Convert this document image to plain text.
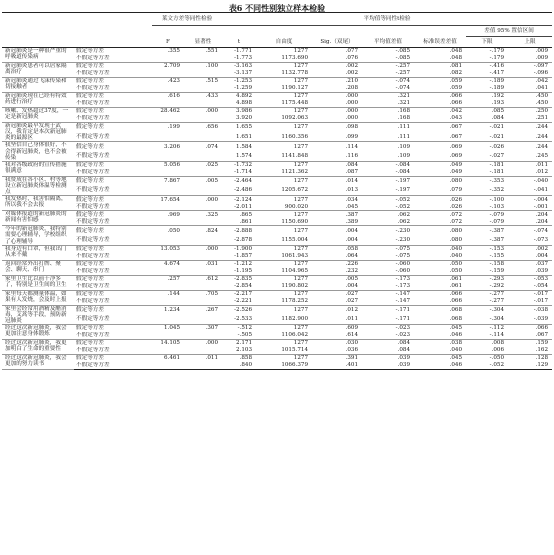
表6 不同性别独立样本检验
		莱文方差等同性检验		平均值等同性t检验						
									差值 95% 置信区间	
		F	显著性	t	自由度	Sig.（双尾）	平均值差值	标准误差差值	下限	上限
新冠肺炎是一种很严重的呼吸道传染病	假定等方差	.355	.551	-1.771	1277	.077	-.085	.048	-.179	.009
	不假定等方差			-1.773	1173.690	.076	-.085	.048	-.179	.009
新冠肺炎患者可以居家隔离治疗	假定等方差	2.709	.100	-3.163	1277	.002	-.257	.081	-.416	-.097
	不假定等方差			-3.137	1132.778	.002	-.257	.082	-.417	-.096
新冠肺炎通过飞沫传染和切接触者	假定等方差	.423	.515	-1.253	1277	.210	-.074	.059	-.189	.042
	不假定等方差			-1.259	1190.127	.208	-.074	.059	-.189	.041
新冠肺炎现在已经有特效药进行治疗	假定等方差	.616	.433	4.892	1277	.000	.321	.066	.192	.450
	不假定等方差			4.898	1175.448	.000	.321	.066	.193	.450
咳嗽、发热超过37度，一定是新冠肺炎	假定等方差	28.462	.000	3.986	1277	.000	.168	.042	.085	.250
	不假定等方差			3.920	1092.063	.000	.168	.043	.084	.251
新冠肺炎最早发现于武汉，我肯定是本次新冠肺炎的最源区	假定等方差	.199	.656	1.655	1277	.098	.111	.067	-.021	.244
	不假定等方差			1.651	1160.356	.099	.111	.067	-.021	.244
我坚信自己身体很好，不会得新冠肺炎，也不会被传染	假定等方差	3.206	.074	1.584	1277	.114	.109	.069	-.026	.244
	不假定等方差			1.574	1141.848	.116	.109	.069	-.027	.245
我对各级政府的宣传措施很满意	假定等方差	5.056	.025	-1.732	1277	.084	-.084	.049	-.181	.011
	不假定等方差			-1.714	1121.362	.087	-.084	.049	-.181	.012
我赞成在各小区、村等地设立新冠肺炎体温等检测点	假定等方差	7.867	.005	-2.464	1277	.014	-.197	.080	-.353	-.040
	不假定等方差			-2.486	1205.672	.013	-.197	.079	-.352	-.041
我发热时，我害怕隔离，所以我不会去报	假定等方差	17.654	.000	-2.124	1277	.034	-.052	.026	-.100	-.004
	不假定等方差			-2.011	900.020	.045	-.052	.026	-.103	-.001
对媒体报道的新冠肺炎的新闻有害怕感	假定等方差	.969	.325	.865	1277	.387	.062	.072	-.079	.204
	不假定等方差			.861	1150.690	.389	.062	.072	-.079	.204
今年的新冠肺炎，我特别需要心理辅导，学校组织了心理辅导	假定等方差	.050	.824	-2.888	1277	.004	-.230	.080	-.387	-.074
	不假定等方差			-2.878	1155.004	.004	-.230	.080	-.387	-.073
我身边有口罩，但我出门从来不戴	假定等方差	13.053	.000	-1.900	1277	.058	-.075	.040	-.153	.002
	不假定等方差			-1.857	1061.943	.064	-.075	.040	-.155	.004
返回经常外出打牌、聚会、聊天、串门	假定等方差	4.674	.031	-1.212	1277	.226	-.060	.050	-.158	.037
	不假定等方差			-1.195	1104.965	.232	-.060	.050	-.159	.039
家里卫生比以前干净多了，特别是卫生间的卫生	假定等方差	.257	.612	-2.835	1277	.005	-.173	.061	-.293	-.053
	不假定等方差			-2.854	1190.802	.004	-.173	.061	-.292	-.054
家里每天都测量体温，如果有人发烧，会及时上报	假定等方差	.144	.705	-2.217	1277	.027	-.147	.066	-.277	-.017
	不假定等方差			-2.221	1178.252	.027	-.147	.066	-.277	-.017
家里会经常用酒精及醋消毒，艾蒿等手段，预防新冠肺炎	假定等方差	1.234	.267	-2.526	1277	.012	-.171	.068	-.304	-.038
	不假定等方差			-2.533	1182.900	.011	-.171	.068	-.304	-.039
经过这次新冠肺炎，我会更加注意身体锻炼	假定等方差	1.045	.307	-.512	1277	.609	-.023	.045	-.112	.066
	不假定等方差			-.505	1106.042	.614	-.023	.046	-.114	.067
经过这次新冠肺炎，我更加明白了生命的重要性	假定等方差	14.105	.000	2.171	1277	.030	.084	.038	.008	.159
	不假定等方差			2.103	1015.714	.036	.084	.040	.006	.162
经过这次新冠肺炎，我会更加的努力读书	假定等方差	6.461	.011	.858	1277	.391	.039	.045	-.050	.128
	不假定等方差			.840	1066.379	.401	.039	.046	-.052	.129
